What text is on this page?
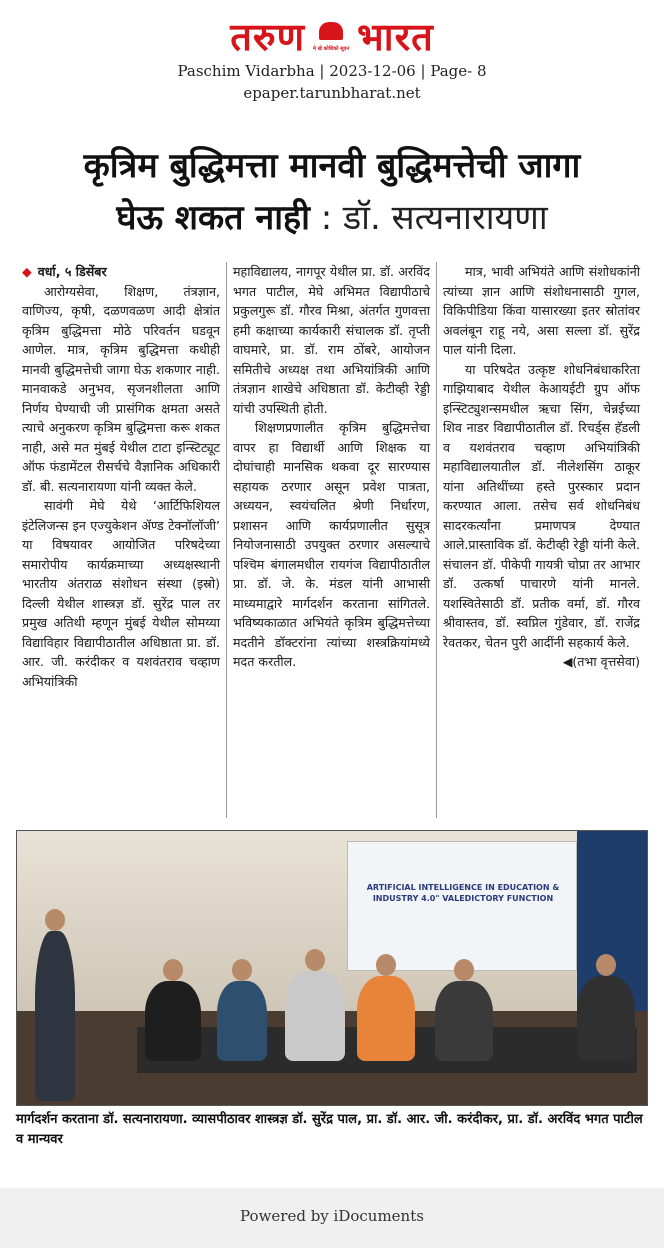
तरुण	मे खे कोशिको सूदन भारत
Paschim Vidarbha | 2023-12-06 | Page- 8
epaper.tarunbharat.net
कृत्रिम बुद्धिमत्ता मानवी बुद्धिमत्तेची जागा
घेऊ शकत नाही : डॉ. सत्यनारायणा

◆ वर्धा, ५ डिसेंबर

आरोग्यसेवा, शिक्षण, तंत्रज्ञान, वाणिज्य, कृषी, दळणवळण आदी क्षेत्रांत कृत्रिम बुद्धिमत्ता मोठे परिवर्तन घडवून आणेल. मात्र, कृत्रिम बुद्धिमत्ता कधीही मानवी बुद्धिमत्तेची जागा घेऊ शकणार नाही. मानवाकडे अनुभव, सृजनशीलता आणि निर्णय घेण्याची जी प्रासंगिक क्षमता असते त्याचे अनुकरण कृत्रिम बुद्धिमत्ता करू शकत नाही, असे मत मुंबई येथील टाटा इन्स्टिट्यूट ऑफ फंडामेंटल रीसर्चचे वैज्ञानिक अधिकारी डॉ. बी. सत्यनारायणा यांनी व्यक्त केले.

सावंगी मेघे येथे ‘आर्टिफिशियल इंटेलिजन्स इन एज्युकेशन ॲण्ड टेक्नॉलॉजी’ या विषयावर आयोजित परिषदेच्या समारोपीय कार्यक्रमाच्या अध्यक्षस्थानी भारतीय अंतराळ संशोधन संस्था (इस्रो) दिल्ली येथील शास्त्रज्ञ डॉ. सुरेंद्र पाल तर प्रमुख अतिथी म्हणून मुंबई येथील सोमय्या विद्याविहार विद्यापीठातील अधिष्ठाता प्रा. डॉ. आर. जी. करंदीकर व यशवंतराव चव्हाण अभियांत्रिकी

महाविद्यालय, नागपूर येथील प्रा. डॉ. अरविंद भगत पाटील, मेघे अभिमत विद्यापीठाचे प्रकुलगुरू डॉ. गौरव मिश्रा, अंतर्गत गुणवत्ता हमी कक्षाच्या कार्यकारी संचालक डॉ. तृप्ती वाघमारे, प्रा. डॉ. राम ठोंबरे, आयोजन समितीचे अध्यक्ष तथा अभियांत्रिकी आणि तंत्रज्ञान शाखेचे अधिष्ठाता डॉ. केटीव्ही रेड्डी यांची उपस्थिती होती.

शिक्षणप्रणालीत कृत्रिम बुद्धिमत्तेचा वापर हा विद्यार्थी आणि शिक्षक या दोघांचाही मानसिक थकवा दूर सारण्यास सहायक ठरणार असून प्रवेश पात्रता, अध्ययन, स्वयंचलित श्रेणी निर्धारण, प्रशासन आणि कार्यप्रणालीत सुसूत्र नियोजनासाठी उपयुक्त ठरणार असल्याचे पश्चिम बंगालमधील रायगंज विद्यापीठातील प्रा. डॉ. जे. के. मंडल यांनी आभासी माध्यमाद्वारे मार्गदर्शन करताना सांगितले. भविष्यकाळात अभियंते कृत्रिम बुद्धिमत्तेच्या मदतीने डॉक्टरांना त्यांच्या शस्त्रक्रियांमध्ये मदत करतील.

मात्र, भावी अभियंते आणि संशोधकांनी त्यांच्या ज्ञान आणि संशोधनासाठी गुगल, विकिपीडिया किंवा यासारख्या इतर स्रोतांवर अवलंबून राहू नये, असा सल्ला डॉ. सुरेंद्र पाल यांनी दिला.

या परिषदेत उत्कृष्ट शोधनिबंधाकरिता गाझियाबाद येथील केआयईटी ग्रुप ऑफ इन्स्टिट्युशन्समधील ऋचा सिंग, चेन्नईच्या शिव नाडर विद्यापीठातील डॉ. रिचर्ड्स हॅडली व यशवंतराव चव्हाण अभियांत्रिकी महाविद्यालयातील डॉ. नीलेशसिंग ठाकूर यांना अतिथींच्या हस्ते पुरस्कार प्रदान करण्यात आला. तसेच सर्व शोधनिबंध सादरकर्त्यांना प्रमाणपत्र देण्यात आले.प्रास्ताविक डॉ. केटीव्ही रेड्डी यांनी केले. संचालन डॉ. पीकेपी गायत्री चोप्रा तर आभार डॉ. उत्कर्षा पाचारणे यांनी मानले. यशस्वितेसाठी डॉ. प्रतीक वर्मा, डॉ. गौरव श्रीवास्तव, डॉ. स्वप्निल गुंडेवार, डॉ. राजेंद्र रेवतकर, चेतन पुरी आदींनी सहकार्य केले.

◀(तभा वृत्तसेवा)

ARTIFICIAL INTELLIGENCE IN EDUCATION & INDUSTRY 4.0" VALEDICTORY FUNCTION
मार्गदर्शन करताना डॉ. सत्यनारायणा. व्यासपीठावर शास्त्रज्ञ डॉ. सुरेंद्र पाल, प्रा. डॉ. आर. जी. करंदीकर, प्रा. डॉ. अरविंद भगत पाटील व मान्यवर
Powered by iDocuments
